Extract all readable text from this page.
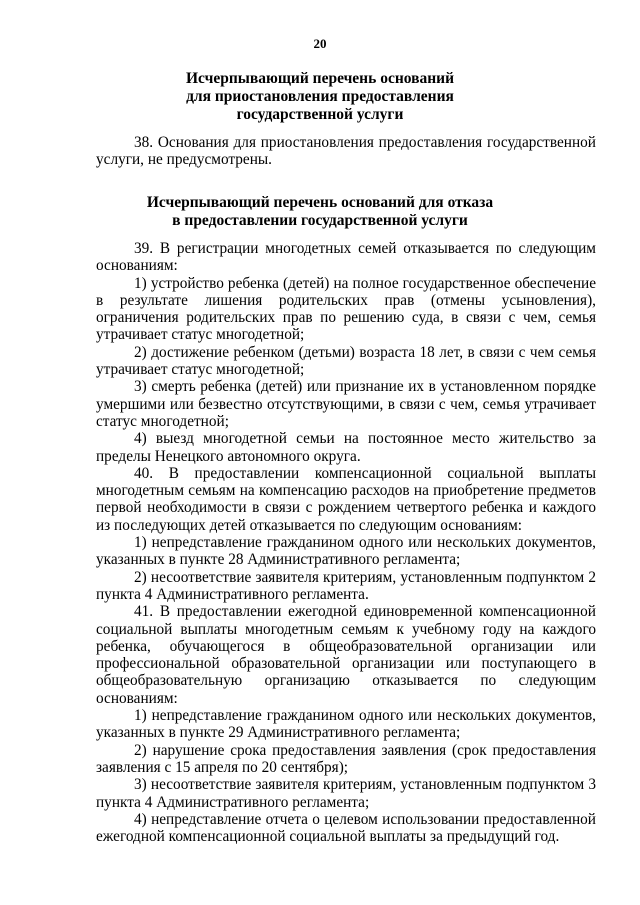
20
Исчерпывающий перечень оснований
для приостановления предоставления
государственной услуги

38. Основания для приостановления предоставления государственной услуги, не предусмотрены.

Исчерпывающий перечень оснований для отказа
в предоставлении государственной услуги

39. В регистрации многодетных семей отказывается по следующим основаниям:

1) устройство ребенка (детей) на полное государственное обеспечение в результате лишения родительских прав (отмены усыновления), ограничения родительских прав по решению суда, в связи с чем, семья утрачивает статус многодетной;

2) достижение ребенком (детьми) возраста 18 лет, в связи с чем семья утрачивает статус многодетной;

3) смерть ребенка (детей) или признание их в установленном порядке умершими или безвестно отсутствующими, в связи с чем, семья утрачивает статус многодетной;

4) выезд многодетной семьи на постоянное место жительство за пределы Ненецкого автономного округа.

40. В предоставлении компенсационной социальной выплаты многодетным семьям на компенсацию расходов на приобретение предметов первой необходимости в связи с рождением четвертого ребенка и каждого из последующих детей отказывается по следующим основаниям:

1) непредставление гражданином одного или нескольких документов, указанных в пункте 28 Административного регламента;

2) несоответствие заявителя критериям, установленным подпунктом 2 пункта 4 Административного регламента.

41. В предоставлении ежегодной единовременной компенсационной социальной выплаты многодетным семьям к учебному году на каждого ребенка, обучающегося в общеобразовательной организации или профессиональной образовательной организации или поступающего в общеобразовательную организацию отказывается по следующим основаниям:

1) непредставление гражданином одного или нескольких документов, указанных в пункте 29 Административного регламента;

2) нарушение срока предоставления заявления (срок предоставления заявления с 15 апреля по 20 сентября);

3) несоответствие заявителя критериям, установленным подпунктом 3 пункта 4 Административного регламента;

4) непредставление отчета о целевом использовании предоставленной ежегодной компенсационной социальной выплаты за предыдущий год.
